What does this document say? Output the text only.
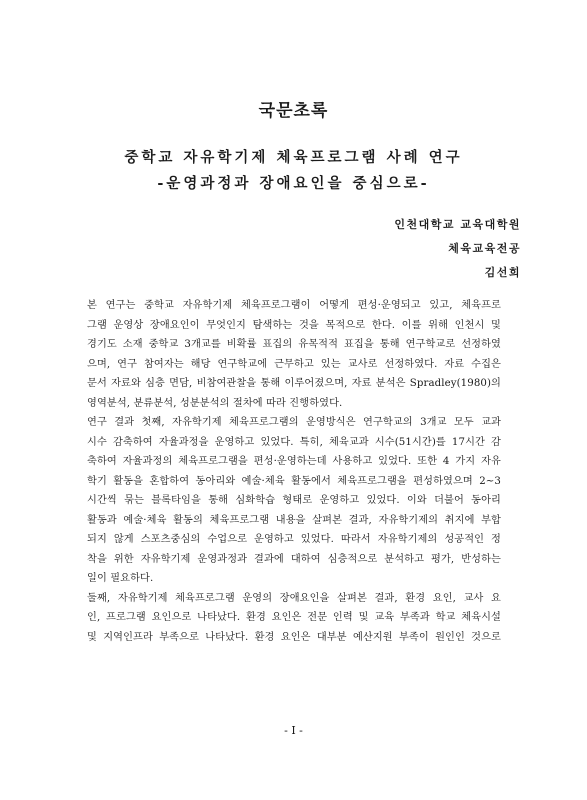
국문초록
중학교 자유학기제 체육프로그램 사례 연구
-운영과정과 장애요인을 중심으로-
인천대학교 교육대학원
체육교육전공
김선희
본 연구는 중학교 자유학기제 체육프로그램이 어떻게 편성·운영되고 있고, 체육프로
그램 운영상 장애요인이 무엇인지 탐색하는 것을 목적으로 한다. 이를 위해 인천시 및
경기도 소재 중학교 3개교를 비확률 표집의 유목적적 표집을 통해 연구학교로 선정하였
으며, 연구 참여자는 해당 연구학교에 근무하고 있는 교사로 선정하였다. 자료 수집은
문서 자료와 심층 면담, 비참여관찰을 통해 이루어졌으며, 자료 분석은 Spradley(1980)의
영역분석, 분류분석, 성분분석의 절차에 따라 진행하였다.
연구 결과 첫째, 자유학기제 체육프로그램의 운영방식은 연구학교의 3개교 모두 교과
시수 감축하여 자율과정을 운영하고 있었다. 특히, 체육교과 시수(51시간)를 17시간 감
축하여 자율과정의 체육프로그램을 편성·운영하는데 사용하고 있었다. 또한 4 가지 자유
학기 활동을 혼합하여 동아리와 예술·체육 활동에서 체육프로그램을 편성하였으며 2~3
시간씩 묶는 블록타임을 통해 심화학습 형태로 운영하고 있었다. 이와 더불어 동아리
활동과 예술·체육 활동의 체육프로그램 내용을 살펴본 결과, 자유학기제의 취지에 부합
되지 않게 스포츠중심의 수업으로 운영하고 있었다. 따라서 자유학기제의 성공적인 정
착을 위한 자유학기제 운영과정과 결과에 대하여 심층적으로 분석하고 평가, 반성하는
일이 필요하다.
둘째, 자유학기제 체육프로그램 운영의 장애요인을 살펴본 결과, 환경 요인, 교사 요
인, 프로그램 요인으로 나타났다. 환경 요인은 전문 인력 및 교육 부족과 학교 체육시설
및 지역인프라 부족으로 나타났다. 환경 요인은 대부분 예산지원 부족이 원인인 것으로
- I -
